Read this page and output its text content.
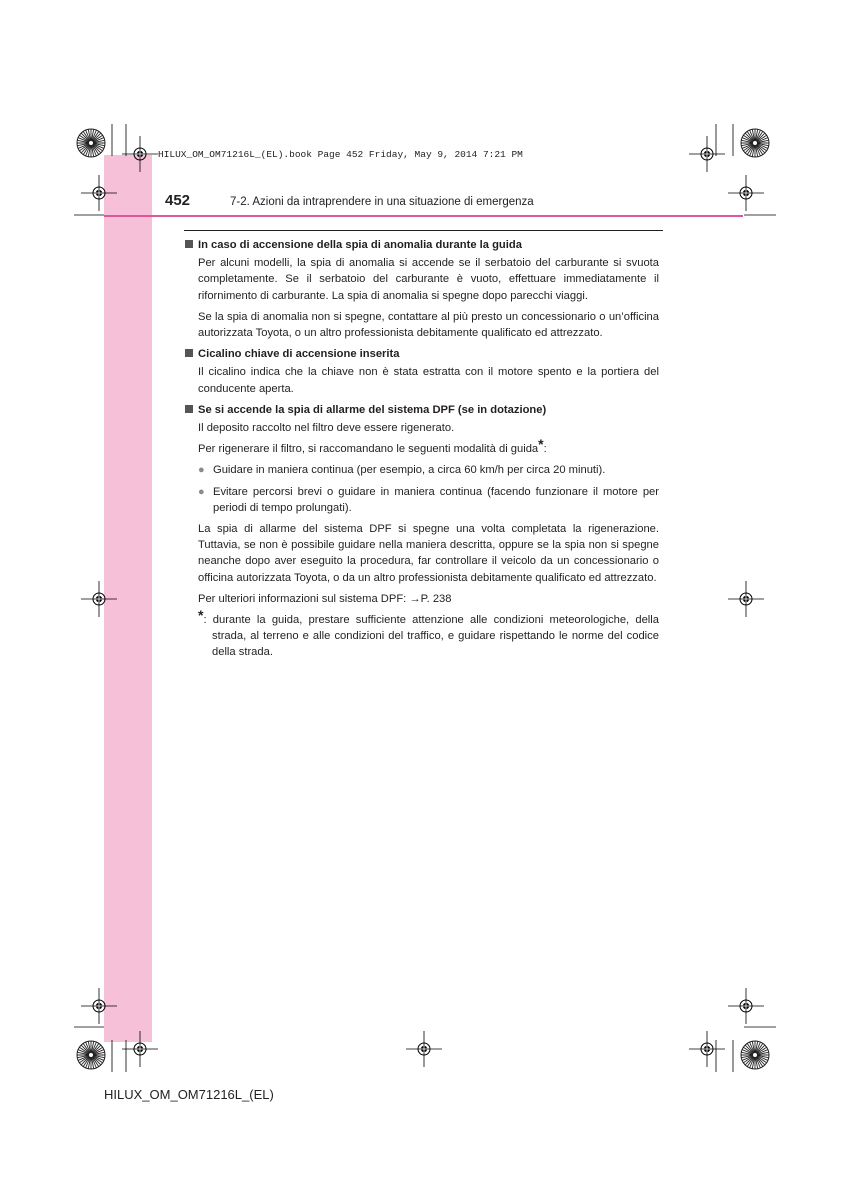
HILUX_OM_OM71216L_(EL).book Page 452 Friday, May 9, 2014 7:21 PM
452	7-2. Azioni da intraprendere in una situazione di emergenza
In caso di accensione della spia di anomalia durante la guida
Per alcuni modelli, la spia di anomalia si accende se il serbatoio del carburante si svuota completamente. Se il serbatoio del carburante è vuoto, effettuare immediatamente il rifornimento di carburante. La spia di anomalia si spegne dopo parecchi viaggi.
Se la spia di anomalia non si spegne, contattare al più presto un concessionario o un’officina autorizzata Toyota, o un altro professionista debitamente qualificato ed attrezzato.
Cicalino chiave di accensione inserita
Il cicalino indica che la chiave non è stata estratta con il motore spento e la portiera del conducente aperta.
Se si accende la spia di allarme del sistema DPF (se in dotazione)
Il deposito raccolto nel filtro deve essere rigenerato.
Per rigenerare il filtro, si raccomandano le seguenti modalità di guida*:
● Guidare in maniera continua (per esempio, a circa 60 km/h per circa 20 minuti).
● Evitare percorsi brevi o guidare in maniera continua (facendo funzionare il motore per periodi di tempo prolungati).
La spia di allarme del sistema DPF si spegne una volta completata la rigenerazione. Tuttavia, se non è possibile guidare nella maniera descritta, oppure se la spia non si spegne neanche dopo aver eseguito la procedura, far controllare il veicolo da un concessionario o officina autorizzata Toyota, o da un altro professionista debitamente qualificato ed attrezzato.
Per ulteriori informazioni sul sistema DPF: →P. 238
*: durante la guida, prestare sufficiente attenzione alle condizioni meteorologiche, della strada, al terreno e alle condizioni del traffico, e guidare rispettando le norme del codice della strada.
HILUX_OM_OM71216L_(EL)
